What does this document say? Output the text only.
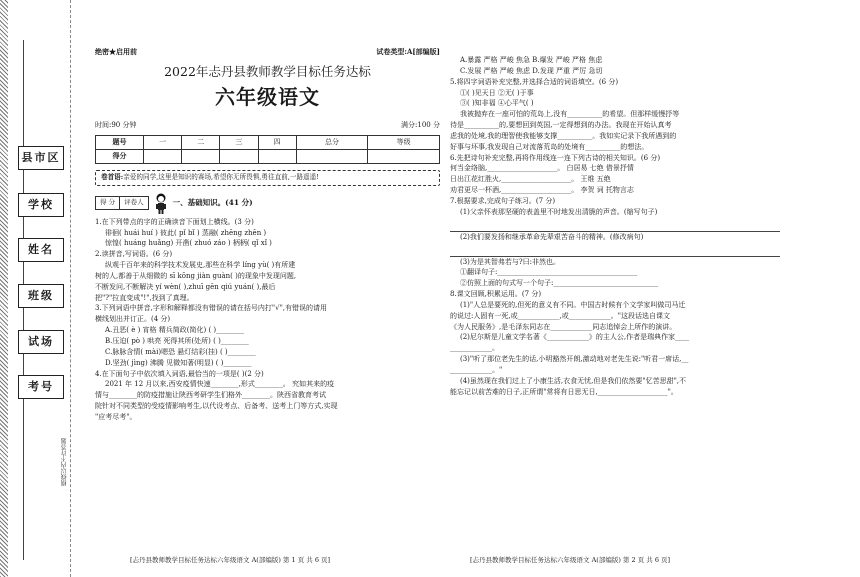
县市区
学校
姓名
班级
试场
考号
横线以内不许答题
绝密★启用前	试卷类型:A[部编版]
2022年忐丹县教师教学目标任务达标
六年级语文
时间:90 分钟	满分:100 分
题号	一	二	三	四	总分	等级
得分						
卷首语:亲爱的同学,这里是知识的赛场,希望你无所畏惧,勇往直前,一路遥遥!
得 分	评卷人	一、基础知识。(41 分)

1.在下列带点的字的正确读音下面划上横线。(3 分)

徘徊( huái huí ) 彼此( pǐ bǐ ) 蒸融( zhēng zhēn )

惊惶( huáng huǎng) 开凿( zhuó záo ) 柄柄( qǐ xǐ )

2.读拼音,写词语。(6 分)

纵观千百年来的科学技术发展史,那些在科学 líng yù( )有所建

树的人,都善于从细微的 sī kōng jiàn guàn( )的现象中发现问题,

不断发问,不断解决 yí wèn( ),zhuī gēn qiú yuán( ),最后

把"?"拉直变成"!",找到了真理。

3.下列词语中拼音,字形和解释都没有错误的请在括号内打"√",有错误的请用

横线划出并订正。(4 分)

A.丑恶( è ) 宵格 精兵简政(简化) ( )________

B.压迫( pò ) 哄亮 死得其所(处所) ( )________

C.脉脉含情( mài)嗯恐 悬灯结彩(挂) ( )________

D.坚劲( jìng) 沸腾 见微知著(明显) ( )________

4.在下面句子中依次填入词语,最恰当的一项是( )(2 分)

2021 年 12 月以来,西安疫情快速________,形式________。 究如其来的疫

情与________的防疫措施让陕西考研学生们格外________。陕西省教育考试

院针对不同类型的受疫情影响考生,以代设考点、后备考、送考上门等方式,实现

"应考尽考"。

A.暴露 严格 严峻 焦急 B.爆发 严峻 严格 焦虑

C.发展 严格 严峻 焦虑 D.发现 严重 严厉 急切

5.将四字词语补充完整,并选择合适的词语填空。(6 分)

①( )见天日 ②无( )于事

③( )知非福 ④心平气( )

我被抛弃在一座可怕的荒岛上,没有__________的希望。但那样缓慢抒等

待是__________的,要想回到英国,一定得想到的办法。我现在开始认真考

虑我的处境,我的理智使我能够支撑__________。我如实记录下我所遇到的

好事与坏事,我发现自己对流落荒岛的处境有__________的想法。

6.先把诗句补充完整,再将作用线连一连下列古诗的相关知识。(6 分)

何当金络脑,____________________。 白居易 七绝 借景抒情

日出江花红胜火,____________________。 王维 五绝

劝君更尽一杯酒,____________________。 李贺 词 托物言志

7.根据要求,完成句子练习。(7 分)

(1)父亲怀表那坚硬的表盖里不时地发出清脆的声音。(缩写句子)

(2)我们要发扬和继承革命先辈艰苦奋斗的精神。(修改病句)

(3)为是其智弗若与?曰:非然也。

①翻译句子:________________________________________

②仿照上面的句式写一个句子:______________________________

8.课文回顾,积累运用。(7 分)

(1)"人总是要死的,但死的意义有不同。中国古时候有个文学家叫做司马迁

的说过:人固有一死,或____________,或____________。"这段话选自课文

《为人民服务》,是毛泽东同志在____________同志追悼会上所作的演讲。

(2)尼尔斯是儿童文学名著《____________》的主人公,作者是瑞典作家____

____________。

(3)"听了那位老先生的话,小明豁然开朗,激动地对老先生说:"听君一席话,__

____________。"

(4)虽然现在我们过上了小康生活,衣食无忧,但是我们依然要"忆苦思甜",不

能忘记以前苦难的日子,正所谓"常将有日思无日,____________________"。

[忐丹县教师教学目标任务达标六年级语文 A(部编版) 第 1 页 共 6 页]	[忐丹县教师教学目标任务达标六年级语文 A(部编版) 第 2 页 共 6 页]
